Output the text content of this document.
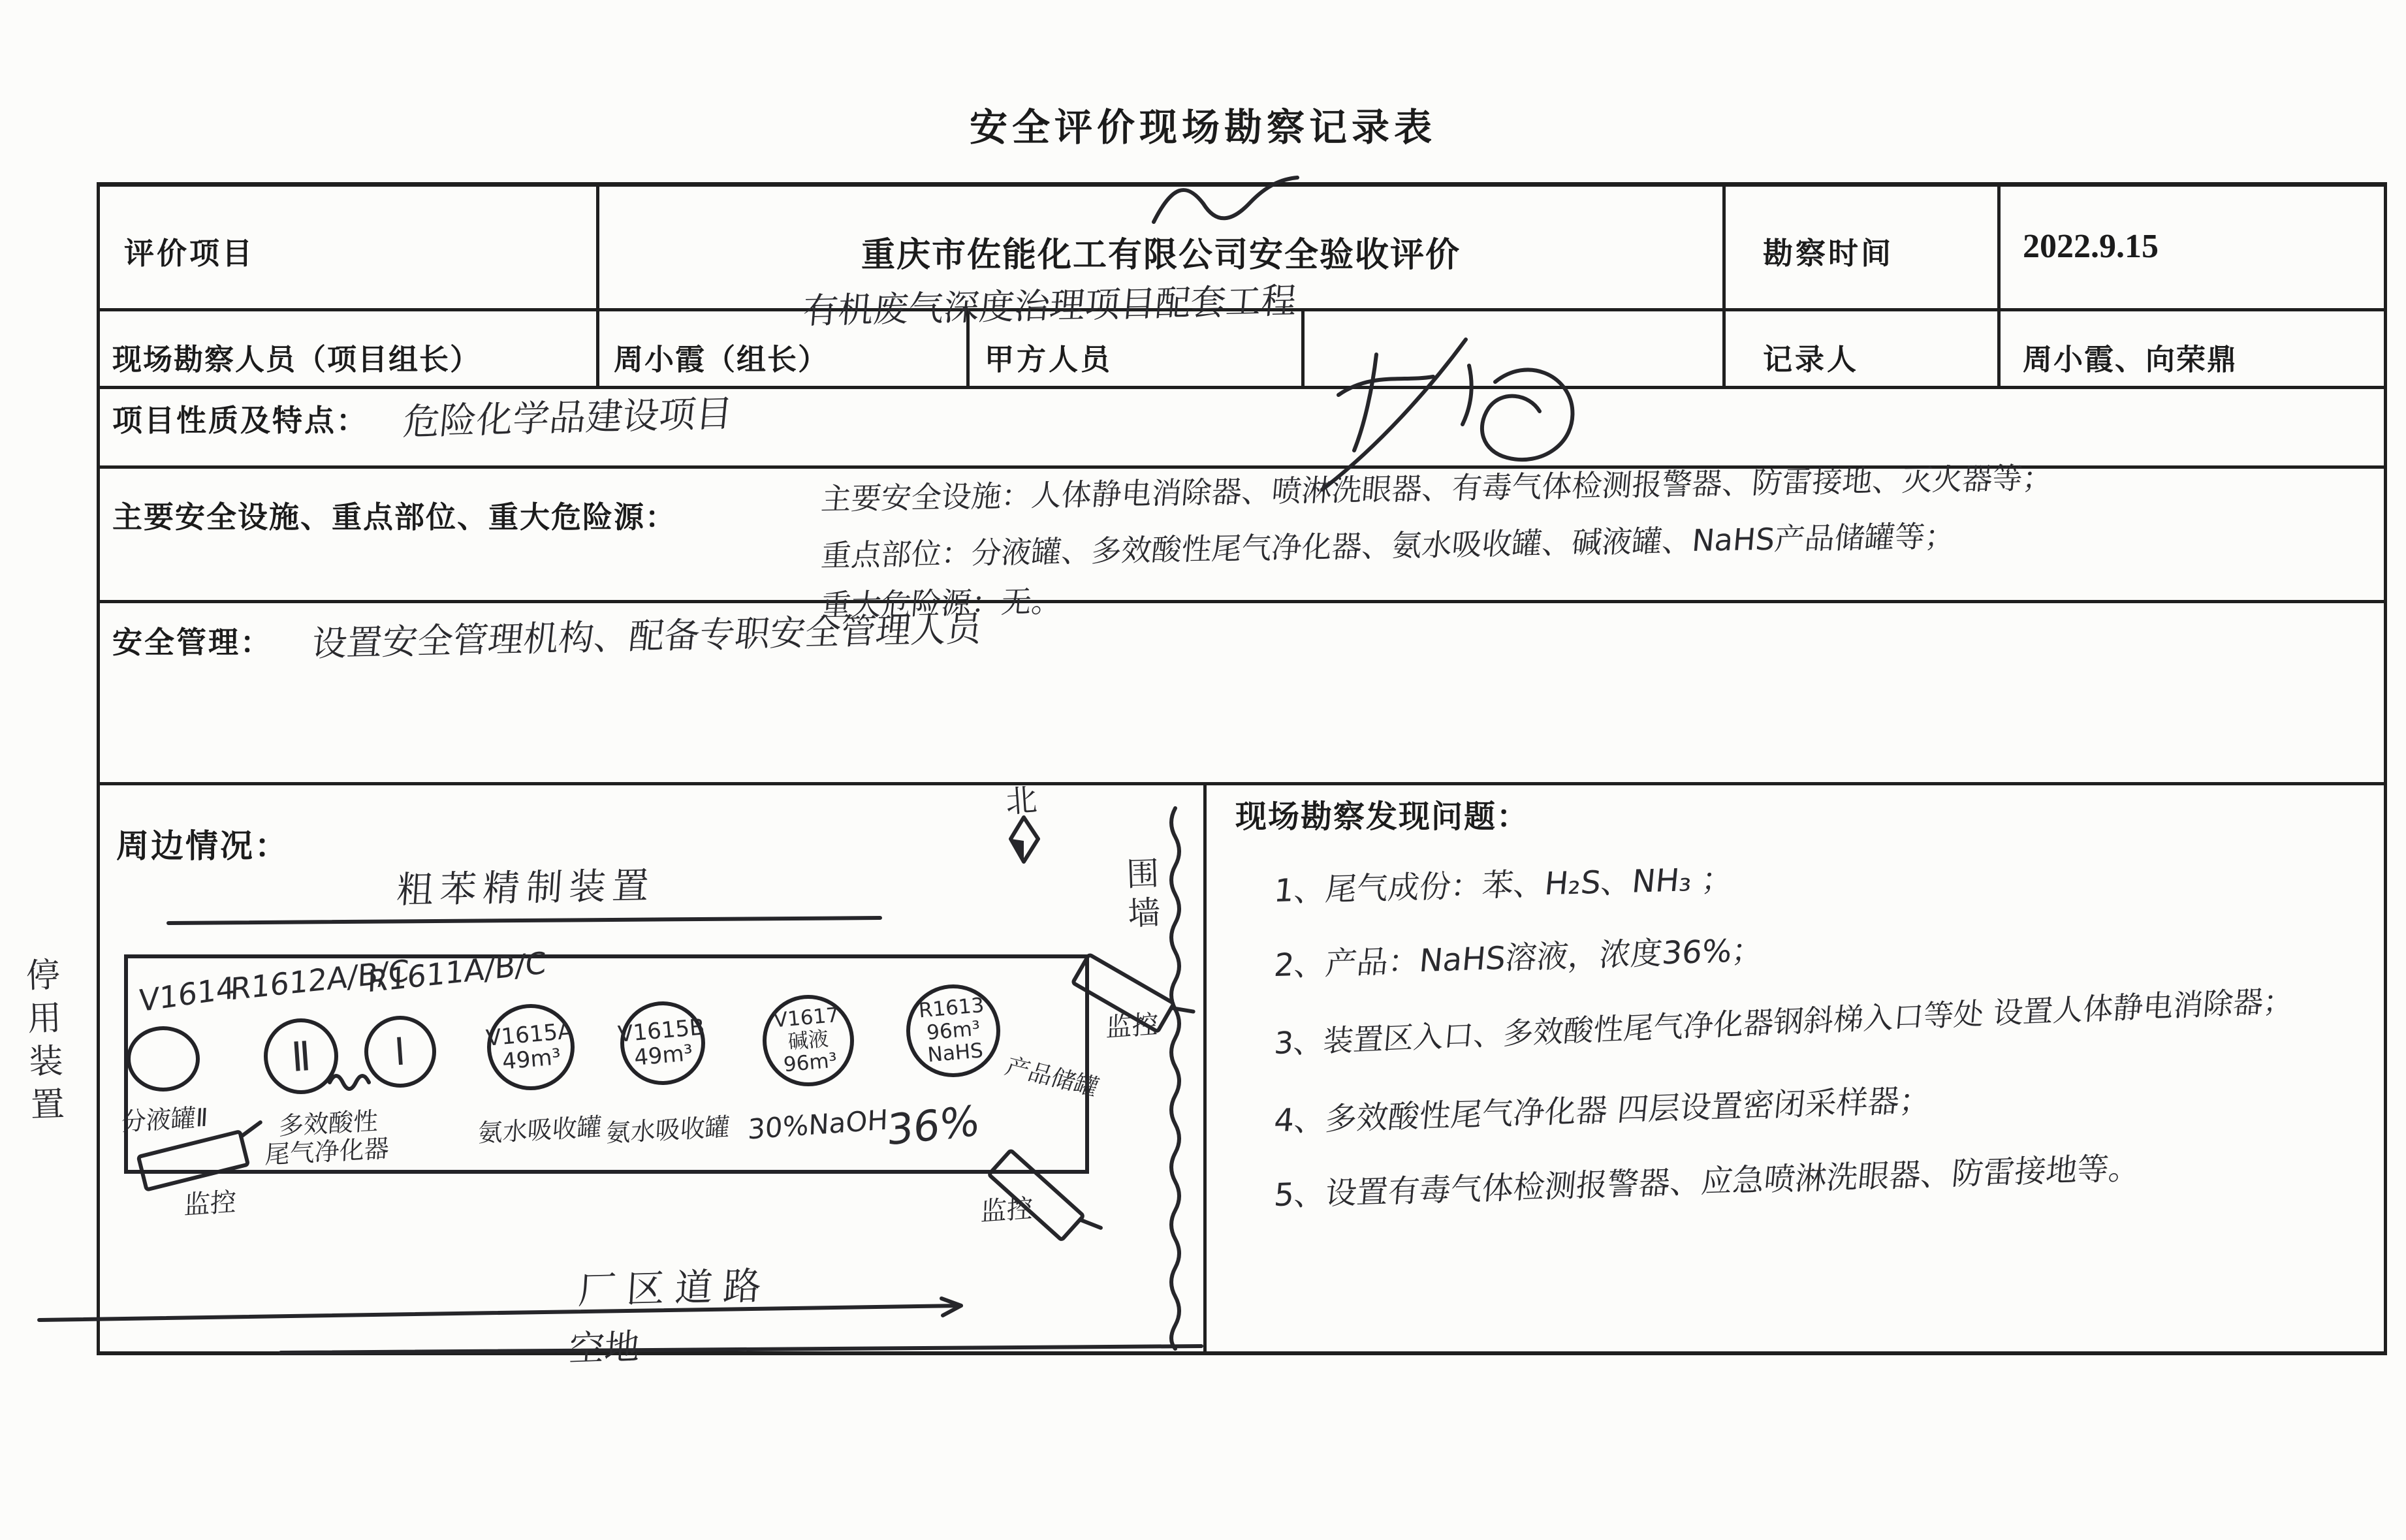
安全评价现场勘察记录表
评价项目	重庆市佐能化工有限公司安全验收评价
有机废气深度治理项目配套工程
勘察时间	2022.9.15
现场勘察人员（项目组长）	周小霞（组长）	甲方人员	记录人	周小霞、向荣鼎
项目性质及特点： 危险化学品建设项目
主要安全设施、重点部位、重大危险源：
主要安全设施：人体静电消除器、喷淋洗眼器、有毒气体检测报警器、防雷接地、灭火器等；
重点部位：分液罐、多效酸性尾气净化器、氨水吸收罐、碱液罐、NaHS产品储罐等；
重大危险源：无。
安全管理： 设置安全管理机构、配备专职安全管理人员
周边情况：
粗苯精制装置
北
围墙
停用装置 V1614
R1612A/B/C
R1611A/B/C
Ⅱ Ⅰ	V1615A
49m³
V1615B
49m³
V1617
碱液
96m³
R1613
96m³
NaHS
分液罐Ⅱ	多效酸性
尾气净化器
氨水吸收罐 氨水吸收罐 30%NaOH
36%
产品储罐
监控	监控
监控
厂区道路
空地
现场勘察发现问题：
1、尾气成份：苯、H₂S、NH₃ ；
2、产品：NaHS溶液，浓度36%；
3、装置区入口、多效酸性尾气净化器钢斜梯入口等处 设置人体静电消除器；
4、多效酸性尾气净化器 四层设置密闭采样器；
5、设置有毒气体检测报警器、应急喷淋洗眼器、防雷接地等。
